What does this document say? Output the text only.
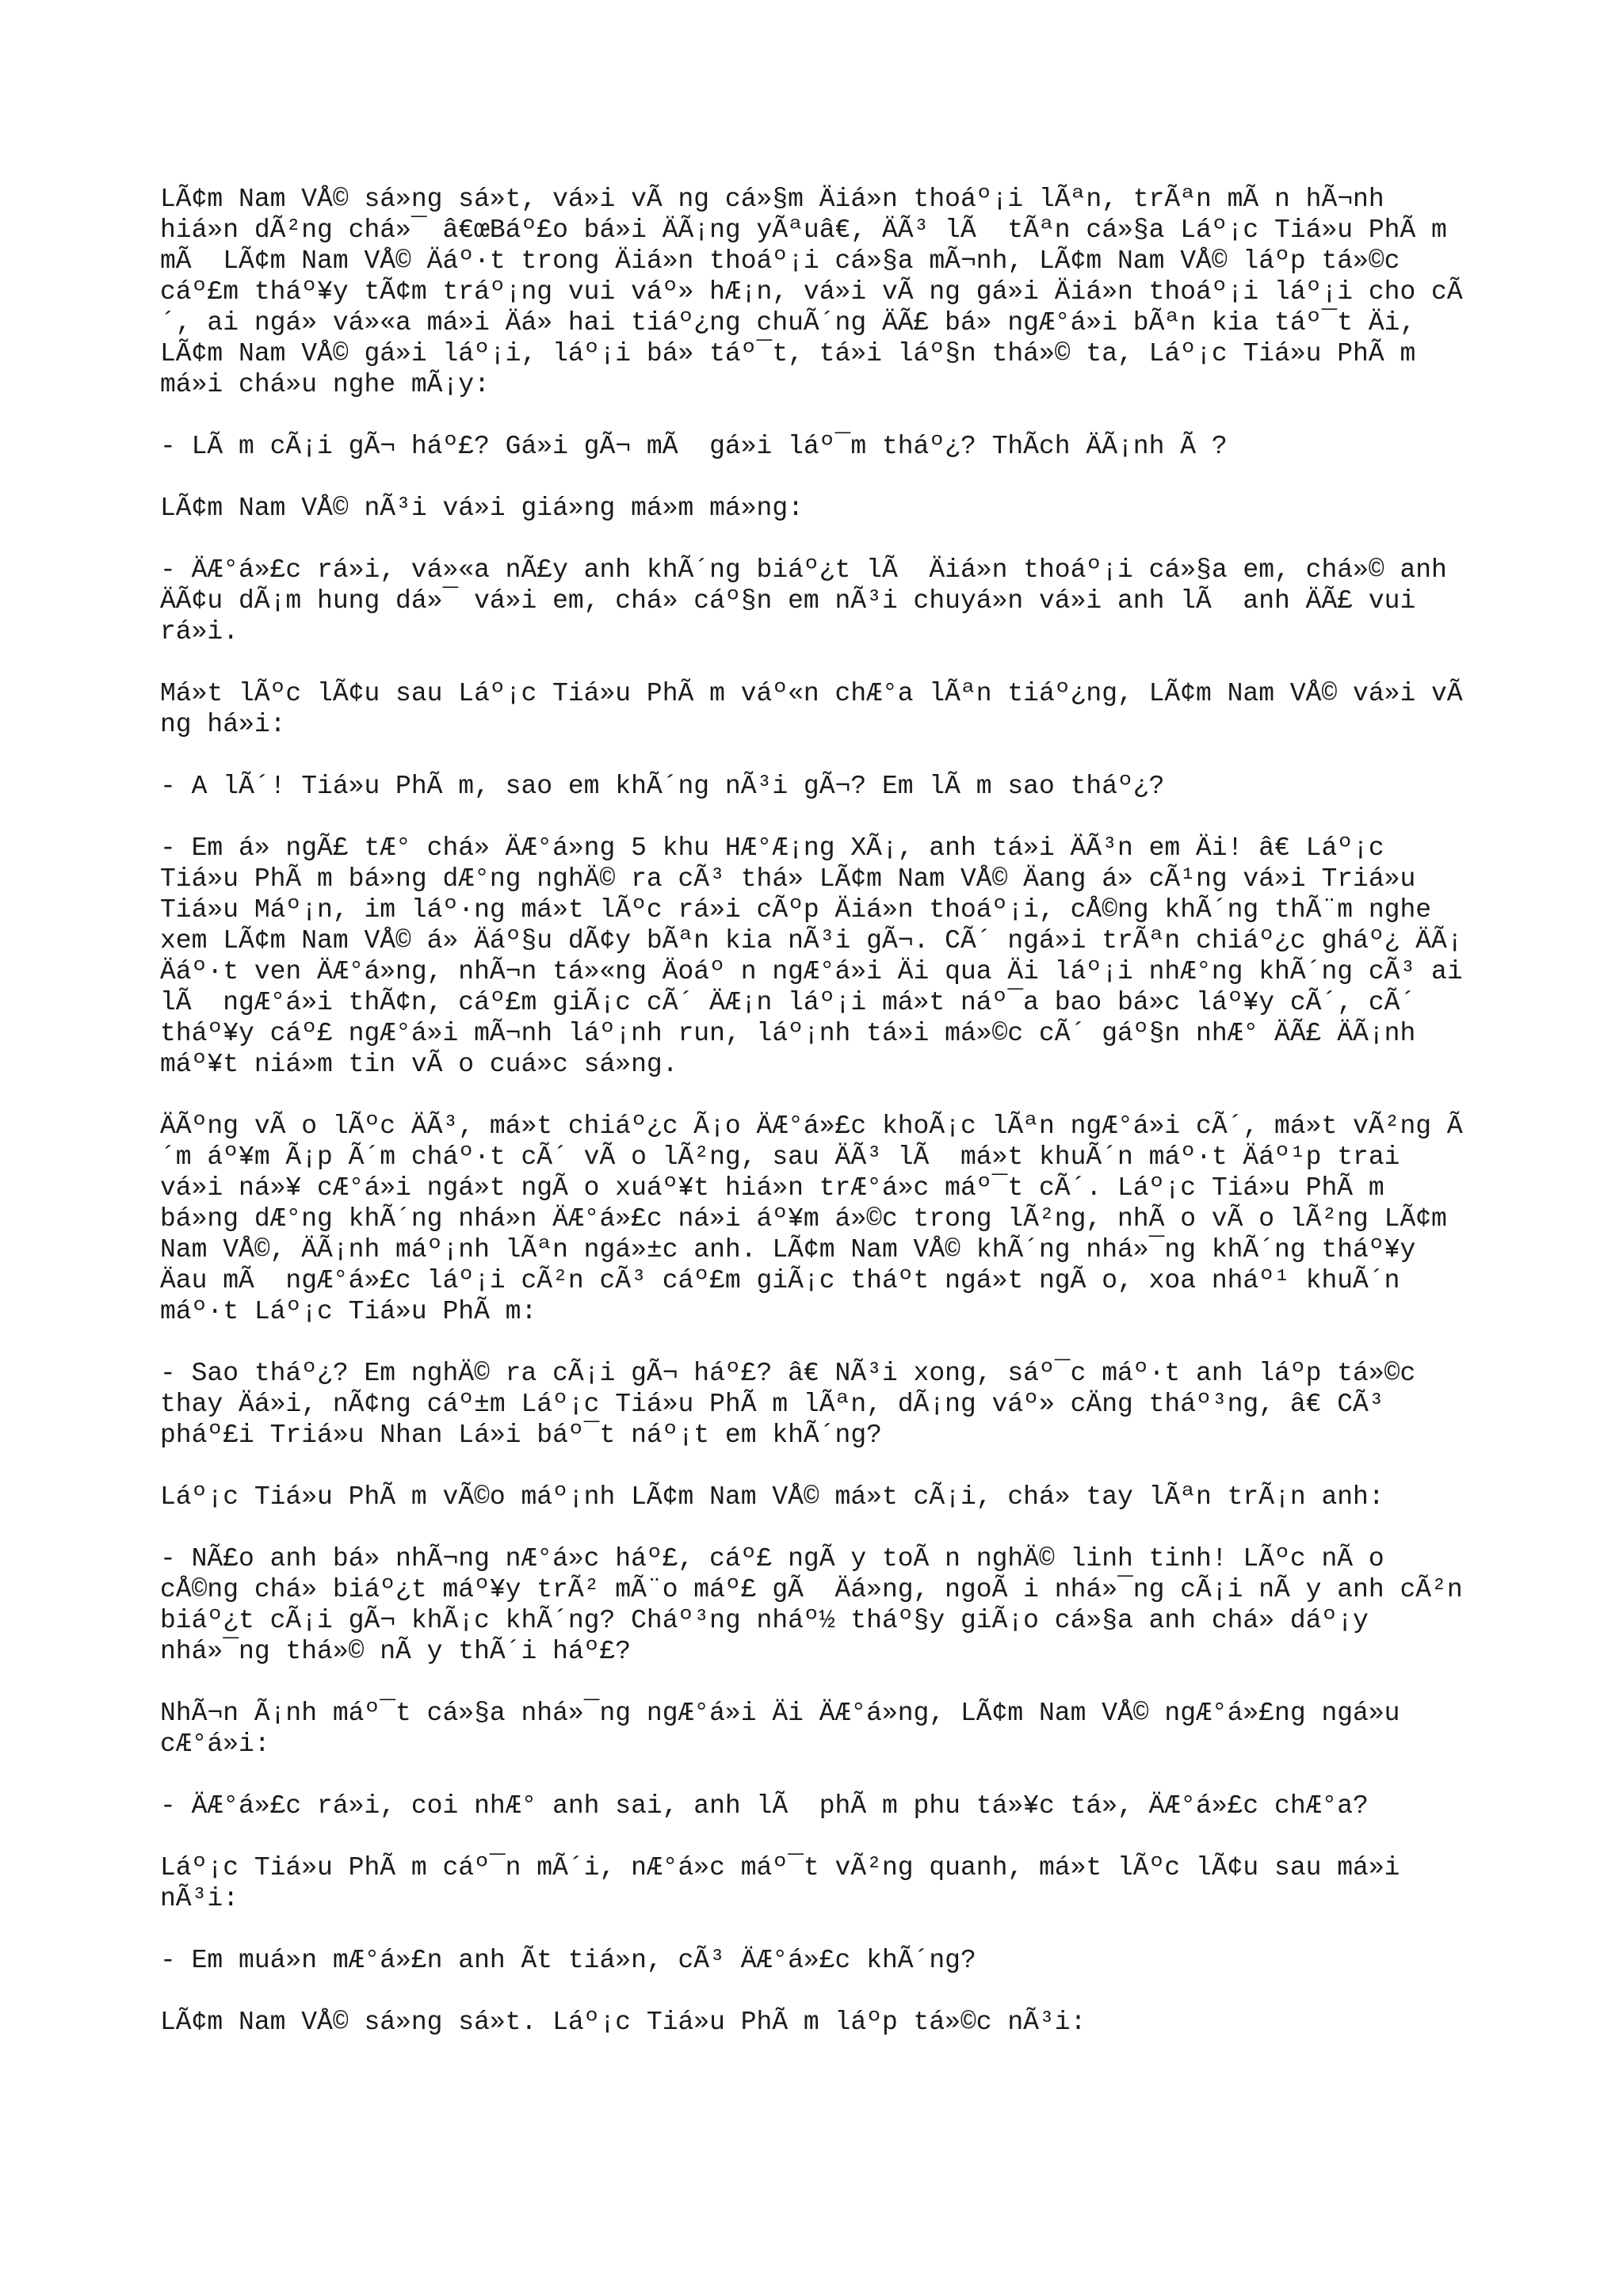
LÃ¢m Nam VÅ© sá»ng sá»t, vá»i vÃ ng cá»§m Äiá»n thoáº¡i lÃªn, trÃªn mÃ n hÃ¬nh hiá»n dÃ²ng chá»¯ â€œBáº£o bá»i ÄÃ¡ng yÃªuâ€, ÄÃ³ lÃ  tÃªn cá»§a Láº¡c Tiá»u PhÃ m mÃ  LÃ¢m Nam VÅ© Äáº·t trong Äiá»n thoáº¡i cá»§a mÃ¬nh, LÃ¢m Nam VÅ© láºp tá»©c cáº£m tháº¥y tÃ¢m tráº¡ng vui váº» hÆ¡n, vá»i vÃ ng gá»i Äiá»n thoáº¡i láº¡i cho cÃ´, ai ngá» vá»«a má»i Äá» hai tiáº¿ng chuÃ´ng ÄÃ£ bá» ngÆ°á»i bÃªn kia táº¯t Äi, LÃ¢m Nam VÅ© gá»i láº¡i, láº¡i bá» táº¯t, tá»i láº§n thá»© ta, Láº¡c Tiá»u PhÃ m má»i chá»u nghe mÃ¡y:

- LÃ m cÃ¡i gÃ¬ háº£? Gá»i gÃ¬ mÃ  gá»i láº¯m tháº¿? ThÃch ÄÃ¡nh Ã ?

LÃ¢m Nam VÅ© nÃ³i vá»i giá»ng má»m má»ng:

- ÄÆ°á»£c rá»i, vá»«a nÃ£y anh khÃ´ng biáº¿t lÃ  Äiá»n thoáº¡i cá»§a em, chá»© anh ÄÃ¢u dÃ¡m hung dá»¯ vá»i em, chá» cáº§n em nÃ³i chuyá»n vá»i anh lÃ  anh ÄÃ£ vui rá»i.

Má»t lÃºc lÃ¢u sau Láº¡c Tiá»u PhÃ m váº«n chÆ°a lÃªn tiáº¿ng, LÃ¢m Nam VÅ© vá»i vÃ ng há»i:

- A lÃ´! Tiá»u PhÃ m, sao em khÃ´ng nÃ³i gÃ¬? Em lÃ m sao tháº¿?

- Em á» ngÃ£ tÆ° chá» ÄÆ°á»ng 5 khu HÆ°Æ¡ng XÃ¡, anh tá»i ÄÃ³n em Äi! â€ Láº¡c Tiá»u PhÃ m bá»ng dÆ°ng nghÄ© ra cÃ³ thá» LÃ¢m Nam VÅ© Äang á» cÃ¹ng vá»i Triá»u Tiá»u Máº¡n, im láº·ng má»t lÃºc rá»i cÃºp Äiá»n thoáº¡i, cÅ©ng khÃ´ng thÃ¨m nghe xem LÃ¢m Nam VÅ© á» Äáº§u dÃ¢y bÃªn kia nÃ³i gÃ¬. CÃ´ ngá»i trÃªn chiáº¿c gháº¿ ÄÃ¡ Äáº·t ven ÄÆ°á»ng, nhÃ¬n tá»«ng Äoáº n ngÆ°á»i Äi qua Äi láº¡i nhÆ°ng khÃ´ng cÃ³ ai lÃ  ngÆ°á»i thÃ¢n, cáº£m giÃ¡c cÃ´ ÄÆ¡n láº¡i má»t náº¯a bao bá»c láº¥y cÃ´, cÃ´ tháº¥y cáº£ ngÆ°á»i mÃ¬nh láº¡nh run, láº¡nh tá»i má»©c cÃ´ gáº§n nhÆ° ÄÃ£ ÄÃ¡nh máº¥t niá»m tin vÃ o cuá»c sá»ng.

ÄÃºng vÃ o lÃºc ÄÃ³, má»t chiáº¿c Ã¡o ÄÆ°á»£c khoÃ¡c lÃªn ngÆ°á»i cÃ´, má»t vÃ²ng Ã´m áº¥m Ã¡p Ã´m cháº·t cÃ´ vÃ o lÃ²ng, sau ÄÃ³ lÃ  má»t khuÃ´n máº·t Äáº¹p trai vá»i ná»¥ cÆ°á»i ngá»t ngÃ o xuáº¥t hiá»n trÆ°á»c máº¯t cÃ´. Láº¡c Tiá»u PhÃ m bá»ng dÆ°ng khÃ´ng nhá»n ÄÆ°á»£c ná»i áº¥m á»©c trong lÃ²ng, nhÃ o vÃ o lÃ²ng LÃ¢m Nam VÅ©, ÄÃ¡nh máº¡nh lÃªn ngá»±c anh. LÃ¢m Nam VÅ© khÃ´ng nhá»¯ng khÃ´ng tháº¥y Äau mÃ  ngÆ°á»£c láº¡i cÃ²n cÃ³ cáº£m giÃ¡c tháºt ngá»t ngÃ o, xoa nháº¹ khuÃ´n máº·t Láº¡c Tiá»u PhÃ m:

- Sao tháº¿? Em nghÄ© ra cÃ¡i gÃ¬ háº£? â€ NÃ³i xong, sáº¯c máº·t anh láºp tá»©c thay Äá»i, nÃ¢ng cáº±m Láº¡c Tiá»u PhÃ m lÃªn, dÃ¡ng váº» cÄng tháº³ng, â€ CÃ³ pháº£i Triá»u Nhan Lá»i báº¯t náº¡t em khÃ´ng?

Láº¡c Tiá»u PhÃ m vÃ©o máº¡nh LÃ¢m Nam VÅ© má»t cÃ¡i, chá» tay lÃªn trÃ¡n anh:

- NÃ£o anh bá» nhÃ¬ng nÆ°á»c háº£, cáº£ ngÃ y toÃ n nghÄ© linh tinh! LÃºc nÃ o cÅ©ng chá» biáº¿t máº¥y trÃ² mÃ¨o máº£ gÃ  Äá»ng, ngoÃ i nhá»¯ng cÃ¡i nÃ y anh cÃ²n biáº¿t cÃ¡i gÃ¬ khÃ¡c khÃ´ng? Cháº³ng nháº½ tháº§y giÃ¡o cá»§a anh chá» dáº¡y nhá»¯ng thá»© nÃ y thÃ´i háº£?

NhÃ¬n Ã¡nh máº¯t cá»§a nhá»¯ng ngÆ°á»i Äi ÄÆ°á»ng, LÃ¢m Nam VÅ© ngÆ°á»£ng ngá»u cÆ°á»i:

- ÄÆ°á»£c rá»i, coi nhÆ° anh sai, anh lÃ  phÃ m phu tá»¥c tá», ÄÆ°á»£c chÆ°a?

Láº¡c Tiá»u PhÃ m cáº¯n mÃ´i, nÆ°á»c máº¯t vÃ²ng quanh, má»t lÃºc lÃ¢u sau má»i nÃ³i:

- Em muá»n mÆ°á»£n anh Ãt tiá»n, cÃ³ ÄÆ°á»£c khÃ´ng?

LÃ¢m Nam VÅ© sá»ng sá»t. Láº¡c Tiá»u PhÃ m láºp tá»©c nÃ³i:
